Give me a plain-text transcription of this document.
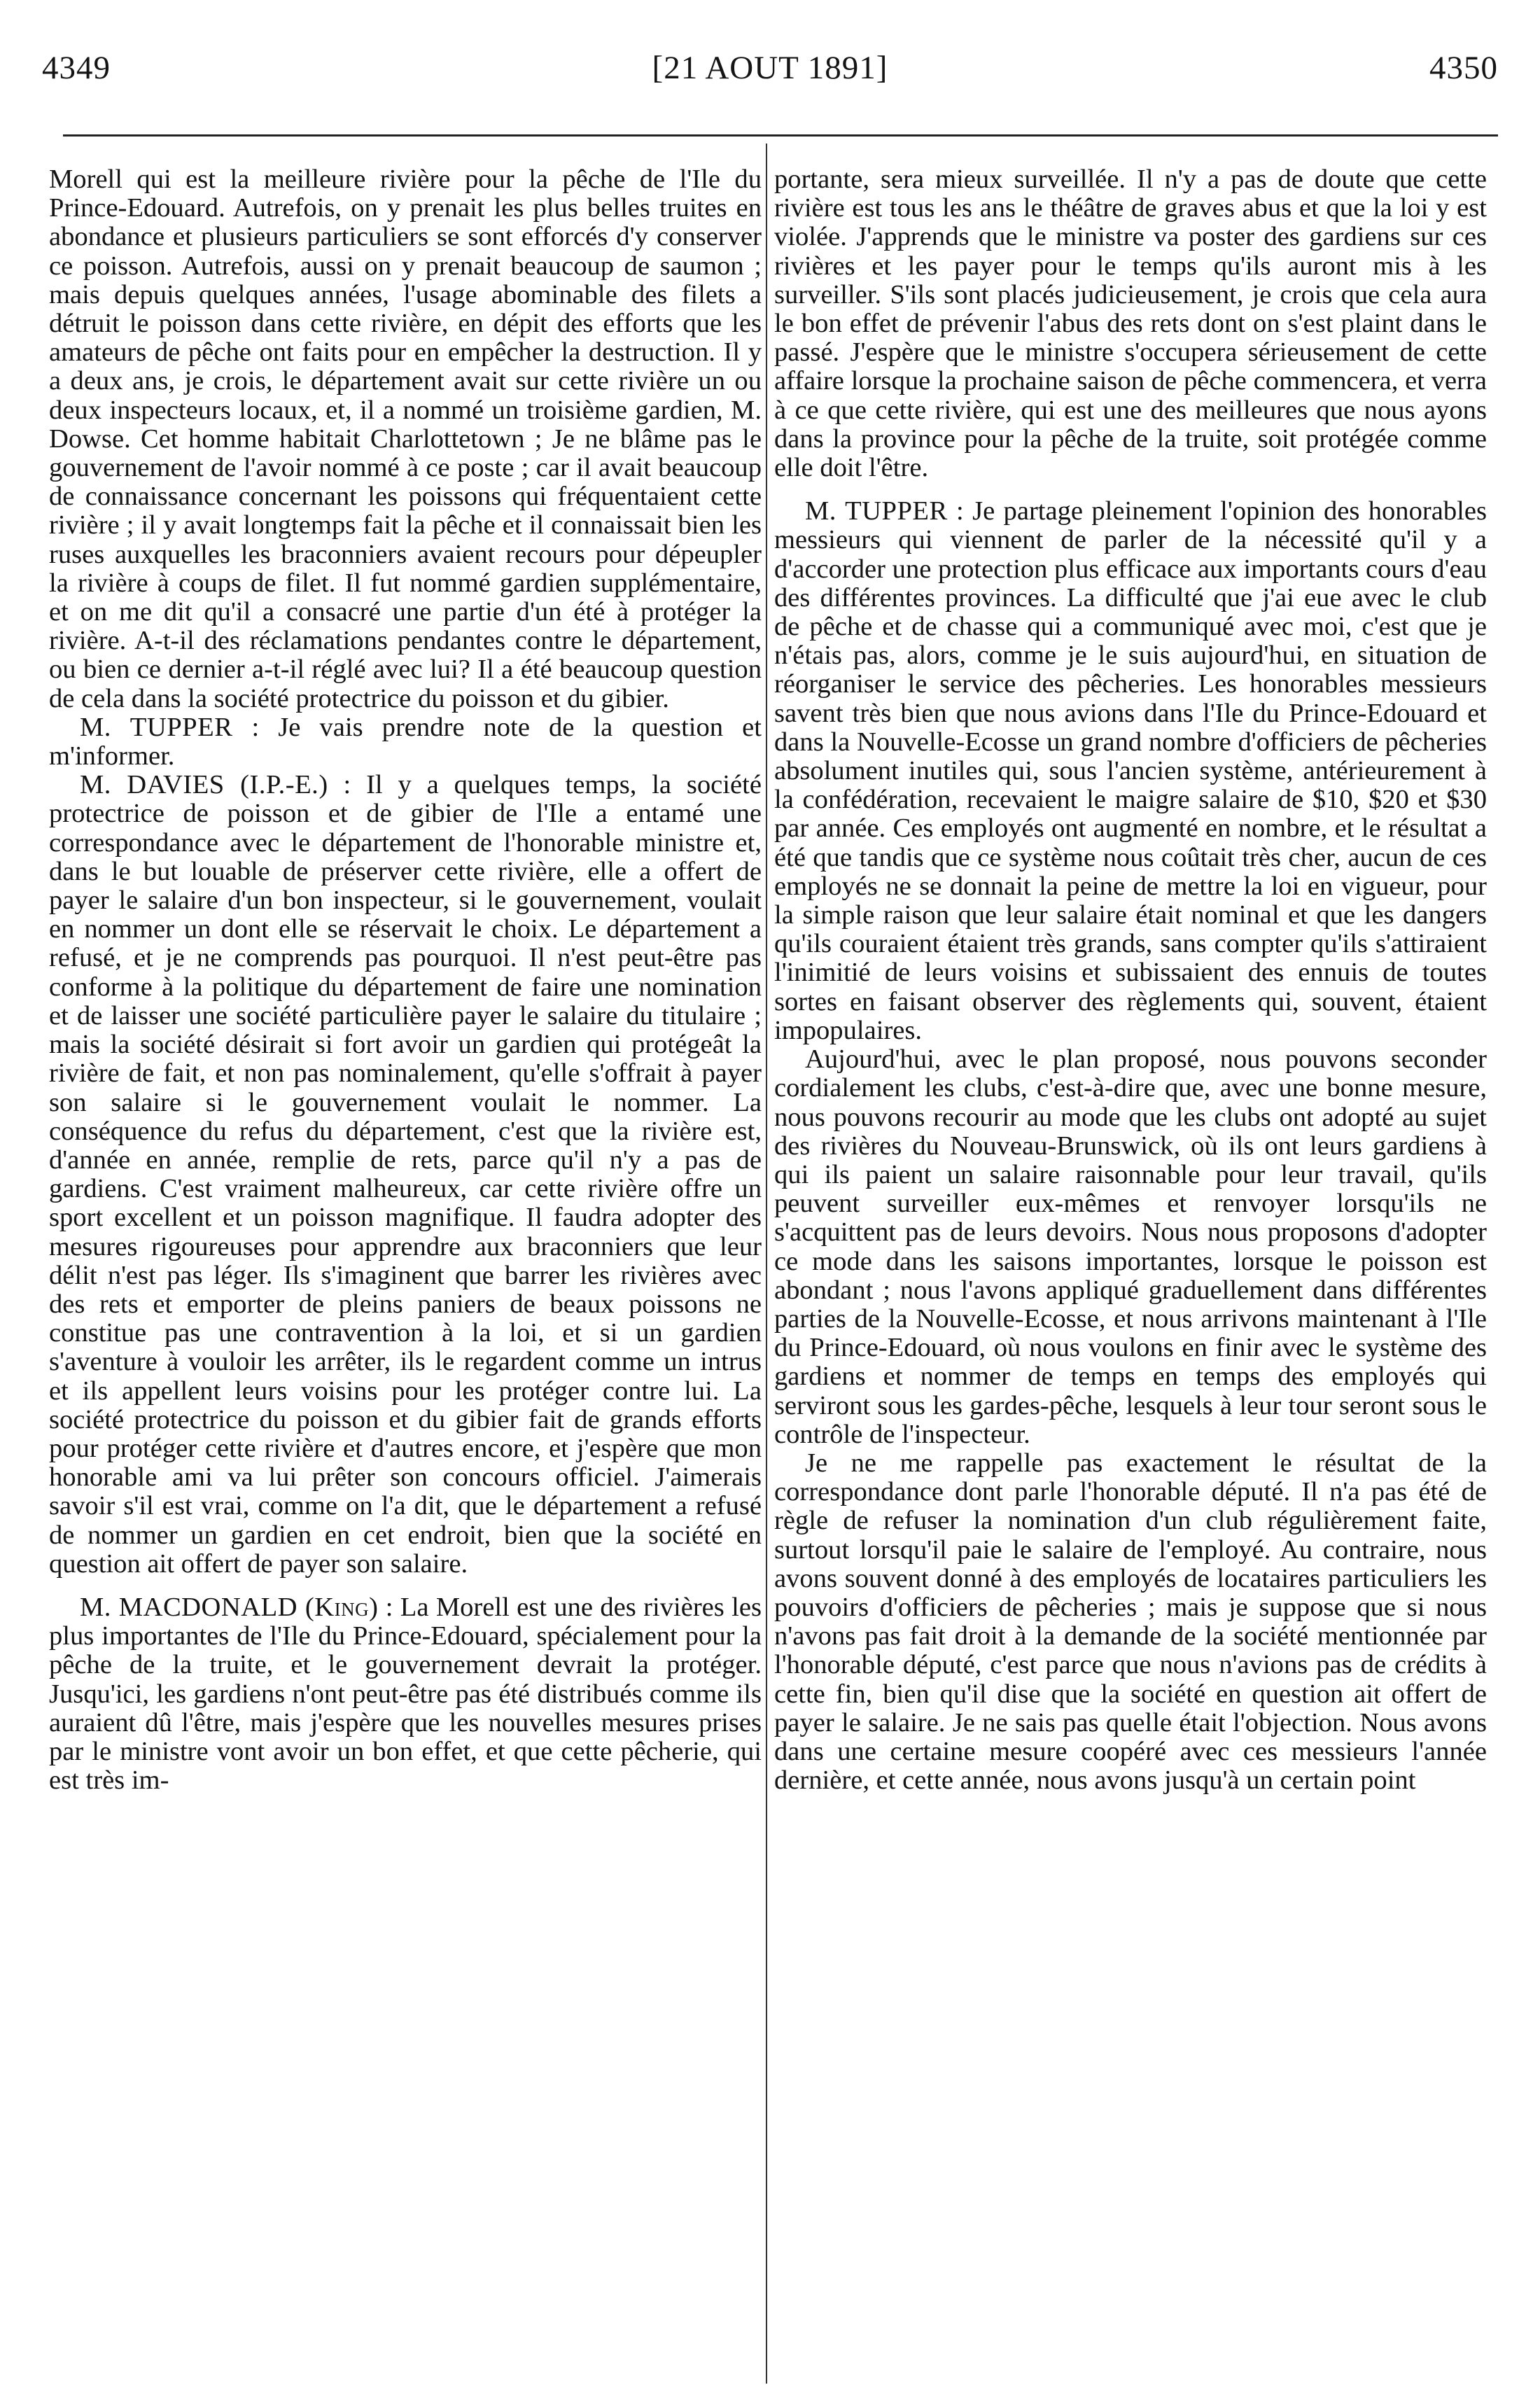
4349	[21 AOUT 1891]	4350

Morell qui est la meilleure rivière pour la pêche de l'Ile du Prince-Edouard. Autrefois, on y prenait les plus belles truites en abondance et plusieurs particuliers se sont efforcés d'y conserver ce poisson. Autrefois, aussi on y prenait beaucoup de saumon ; mais depuis quelques années, l'usage abominable des filets a détruit le poisson dans cette rivière, en dépit des efforts que les amateurs de pêche ont faits pour en empêcher la destruction. Il y a deux ans, je crois, le département avait sur cette rivière un ou deux inspecteurs locaux, et, il a nommé un troisième gardien, M. Dowse. Cet homme habitait Charlottetown ; Je ne blâme pas le gouvernement de l'avoir nommé à ce poste ; car il avait beaucoup de connaissance concernant les poissons qui fréquentaient cette rivière ; il y avait longtemps fait la pêche et il connaissait bien les ruses auxquelles les braconniers avaient recours pour dépeupler la rivière à coups de filet. Il fut nommé gardien supplémentaire, et on me dit qu'il a consacré une partie d'un été à protéger la rivière. A-t-il des réclamations pendantes contre le département, ou bien ce dernier a-t-il réglé avec lui? Il a été beaucoup question de cela dans la société protectrice du poisson et du gibier.

M. TUPPER : Je vais prendre note de la question et m'informer.

M. DAVIES (I.P.-E.) : Il y a quelques temps, la société protectrice de poisson et de gibier de l'Ile a entamé une correspondance avec le département de l'honorable ministre et, dans le but louable de préserver cette rivière, elle a offert de payer le salaire d'un bon inspecteur, si le gouvernement, voulait en nommer un dont elle se réservait le choix. Le département a refusé, et je ne comprends pas pourquoi. Il n'est peut-être pas conforme à la politique du département de faire une nomination et de laisser une société particulière payer le salaire du titulaire ; mais la société désirait si fort avoir un gardien qui protégeât la rivière de fait, et non pas nominalement, qu'elle s'offrait à payer son salaire si le gouvernement voulait le nommer. La conséquence du refus du département, c'est que la rivière est, d'année en année, remplie de rets, parce qu'il n'y a pas de gardiens. C'est vraiment malheureux, car cette rivière offre un sport excellent et un poisson magnifique. Il faudra adopter des mesures rigoureuses pour apprendre aux braconniers que leur délit n'est pas léger. Ils s'imaginent que barrer les rivières avec des rets et emporter de pleins paniers de beaux poissons ne constitue pas une contravention à la loi, et si un gardien s'aventure à vouloir les arrêter, ils le regardent comme un intrus et ils appellent leurs voisins pour les protéger contre lui. La société protectrice du poisson et du gibier fait de grands efforts pour protéger cette rivière et d'autres encore, et j'espère que mon honorable ami va lui prêter son concours officiel. J'aimerais savoir s'il est vrai, comme on l'a dit, que le département a refusé de nommer un gardien en cet endroit, bien que la société en question ait offert de payer son salaire.

M. MACDONALD (King) : La Morell est une des rivières les plus importantes de l'Ile du Prince-Edouard, spécialement pour la pêche de la truite, et le gouvernement devrait la protéger. Jusqu'ici, les gardiens n'ont peut-être pas été distribués comme ils auraient dû l'être, mais j'espère que les nouvelles mesures prises par le ministre vont avoir un bon effet, et que cette pêcherie, qui est très im-

portante, sera mieux surveillée. Il n'y a pas de doute que cette rivière est tous les ans le théâtre de graves abus et que la loi y est violée. J'apprends que le ministre va poster des gardiens sur ces rivières et les payer pour le temps qu'ils auront mis à les surveiller. S'ils sont placés judicieusement, je crois que cela aura le bon effet de prévenir l'abus des rets dont on s'est plaint dans le passé. J'espère que le ministre s'occupera sérieusement de cette affaire lorsque la prochaine saison de pêche commencera, et verra à ce que cette rivière, qui est une des meilleures que nous ayons dans la province pour la pêche de la truite, soit protégée comme elle doit l'être.

M. TUPPER : Je partage pleinement l'opinion des honorables messieurs qui viennent de parler de la nécessité qu'il y a d'accorder une protection plus efficace aux importants cours d'eau des différentes provinces. La difficulté que j'ai eue avec le club de pêche et de chasse qui a communiqué avec moi, c'est que je n'étais pas, alors, comme je le suis aujourd'hui, en situation de réorganiser le service des pêcheries. Les honorables messieurs savent très bien que nous avions dans l'Ile du Prince-Edouard et dans la Nouvelle-Ecosse un grand nombre d'officiers de pêcheries absolument inutiles qui, sous l'ancien système, antérieurement à la confédération, recevaient le maigre salaire de $10, $20 et $30 par année. Ces employés ont augmenté en nombre, et le résultat a été que tandis que ce système nous coûtait très cher, aucun de ces employés ne se donnait la peine de mettre la loi en vigueur, pour la simple raison que leur salaire était nominal et que les dangers qu'ils couraient étaient très grands, sans compter qu'ils s'attiraient l'inimitié de leurs voisins et subissaient des ennuis de toutes sortes en faisant observer des règlements qui, souvent, étaient impopulaires.

Aujourd'hui, avec le plan proposé, nous pouvons seconder cordialement les clubs, c'est-à-dire que, avec une bonne mesure, nous pouvons recourir au mode que les clubs ont adopté au sujet des rivières du Nouveau-Brunswick, où ils ont leurs gardiens à qui ils paient un salaire raisonnable pour leur travail, qu'ils peuvent surveiller eux-mêmes et renvoyer lorsqu'ils ne s'acquittent pas de leurs devoirs. Nous nous proposons d'adopter ce mode dans les saisons importantes, lorsque le poisson est abondant ; nous l'avons appliqué graduellement dans différentes parties de la Nouvelle-Ecosse, et nous arrivons maintenant à l'Ile du Prince-Edouard, où nous voulons en finir avec le système des gardiens et nommer de temps en temps des employés qui serviront sous les gardes-pêche, lesquels à leur tour seront sous le contrôle de l'inspecteur.

Je ne me rappelle pas exactement le résultat de la correspondance dont parle l'honorable député. Il n'a pas été de règle de refuser la nomination d'un club régulièrement faite, surtout lorsqu'il paie le salaire de l'employé. Au contraire, nous avons souvent donné à des employés de locataires particuliers les pouvoirs d'officiers de pêcheries ; mais je suppose que si nous n'avons pas fait droit à la demande de la société mentionnée par l'honorable député, c'est parce que nous n'avions pas de crédits à cette fin, bien qu'il dise que la société en question ait offert de payer le salaire. Je ne sais pas quelle était l'objection. Nous avons dans une certaine mesure coopéré avec ces messieurs l'année dernière, et cette année, nous avons jusqu'à un certain point
